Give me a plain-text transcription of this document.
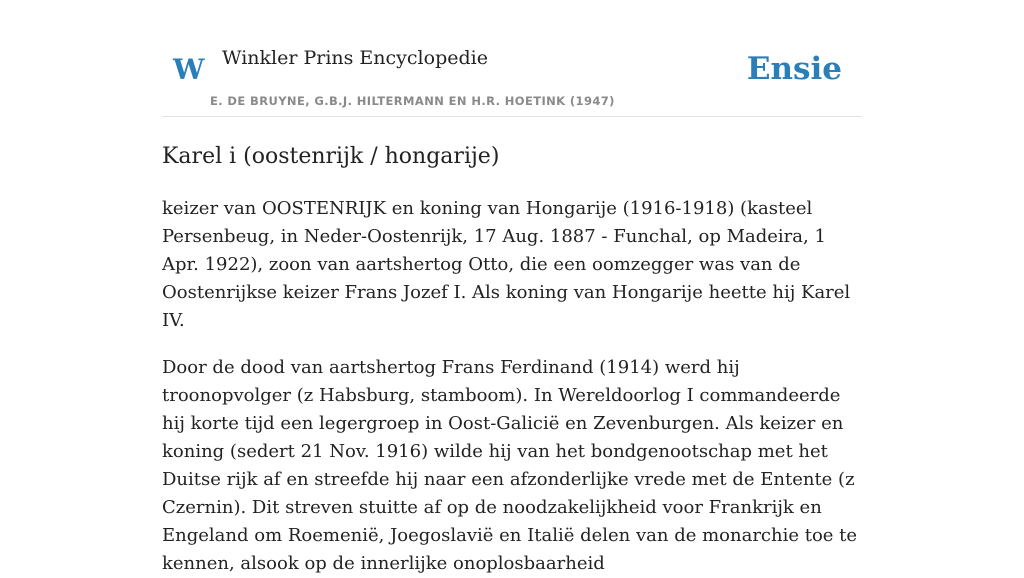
W Winkler Prins Encyclopedie
E. DE BRUYNE, G.B.J. HILTERMANN EN H.R. HOETINK (1947)
Ensie
Karel i (oostenrijk / hongarije)

keizer van OOSTENRIJK en koning van Hongarije (1916-1918) (kasteel Persenbeug, in Neder-Oostenrijk, 17 Aug. 1887 - Funchal, op Madeira, 1 Apr. 1922), zoon van aartshertog Otto, die een oomzegger was van de Oostenrijkse keizer Frans Jozef I. Als koning van Hongarije heette hij Karel IV.

Door de dood van aartshertog Frans Ferdinand (1914) werd hij troonopvolger (z Habsburg, stamboom). In Wereldoorlog I commandeerde hij korte tijd een legergroep in Oost-Galicië en Zevenburgen. Als keizer en koning (sedert 21 Nov. 1916) wilde hij van het bondgenootschap met het Duitse rijk af en streefde hij naar een afzonderlijke vrede met de Entente (z Czernin). Dit streven stuitte af op de noodzakelijkheid voor Frankrijk en Engeland om Roemenië, Joegoslavië en Italië delen van de monarchie toe te kennen, alsook op de innerlijke onoplosbaarheid
